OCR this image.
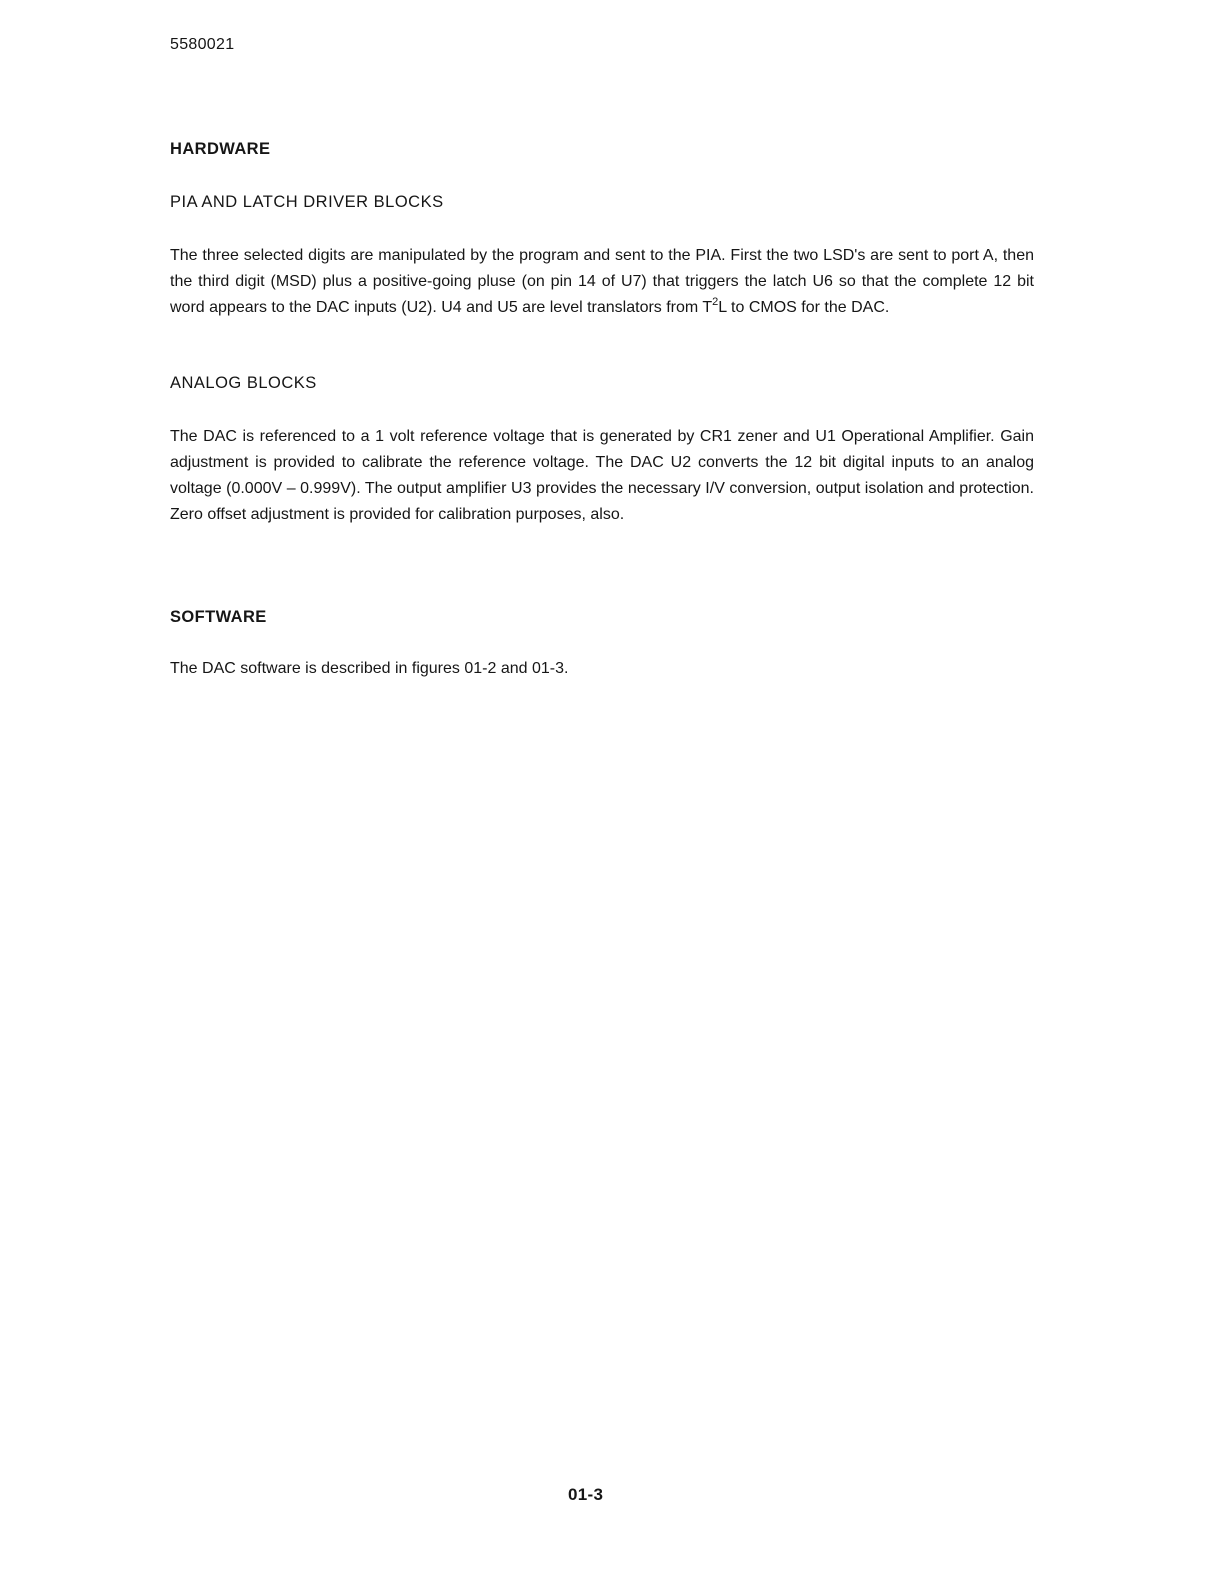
5580021
HARDWARE
PIA AND LATCH DRIVER BLOCKS
The three selected digits are manipulated by the program and sent to the PIA. First the two LSD's are sent to port A, then the third digit (MSD) plus a positive-going pluse (on pin 14 of U7) that triggers the latch U6 so that the complete 12 bit word appears to the DAC inputs (U2). U4 and U5 are level translators from $T^2L$ to CMOS for the DAC.
ANALOG BLOCKS
The DAC is referenced to a 1 volt reference voltage that is generated by CR1 zener and U1 Operational Amplifier. Gain adjustment is provided to calibrate the reference voltage. The DAC U2 converts the 12 bit digital inputs to an analog voltage (0.000V – 0.999V). The output amplifier U3 provides the necessary I/V conversion, output isolation and protection. Zero offset adjustment is provided for calibration purposes, also.
SOFTWARE
The DAC software is described in figures 01-2 and 01-3.
01-3
